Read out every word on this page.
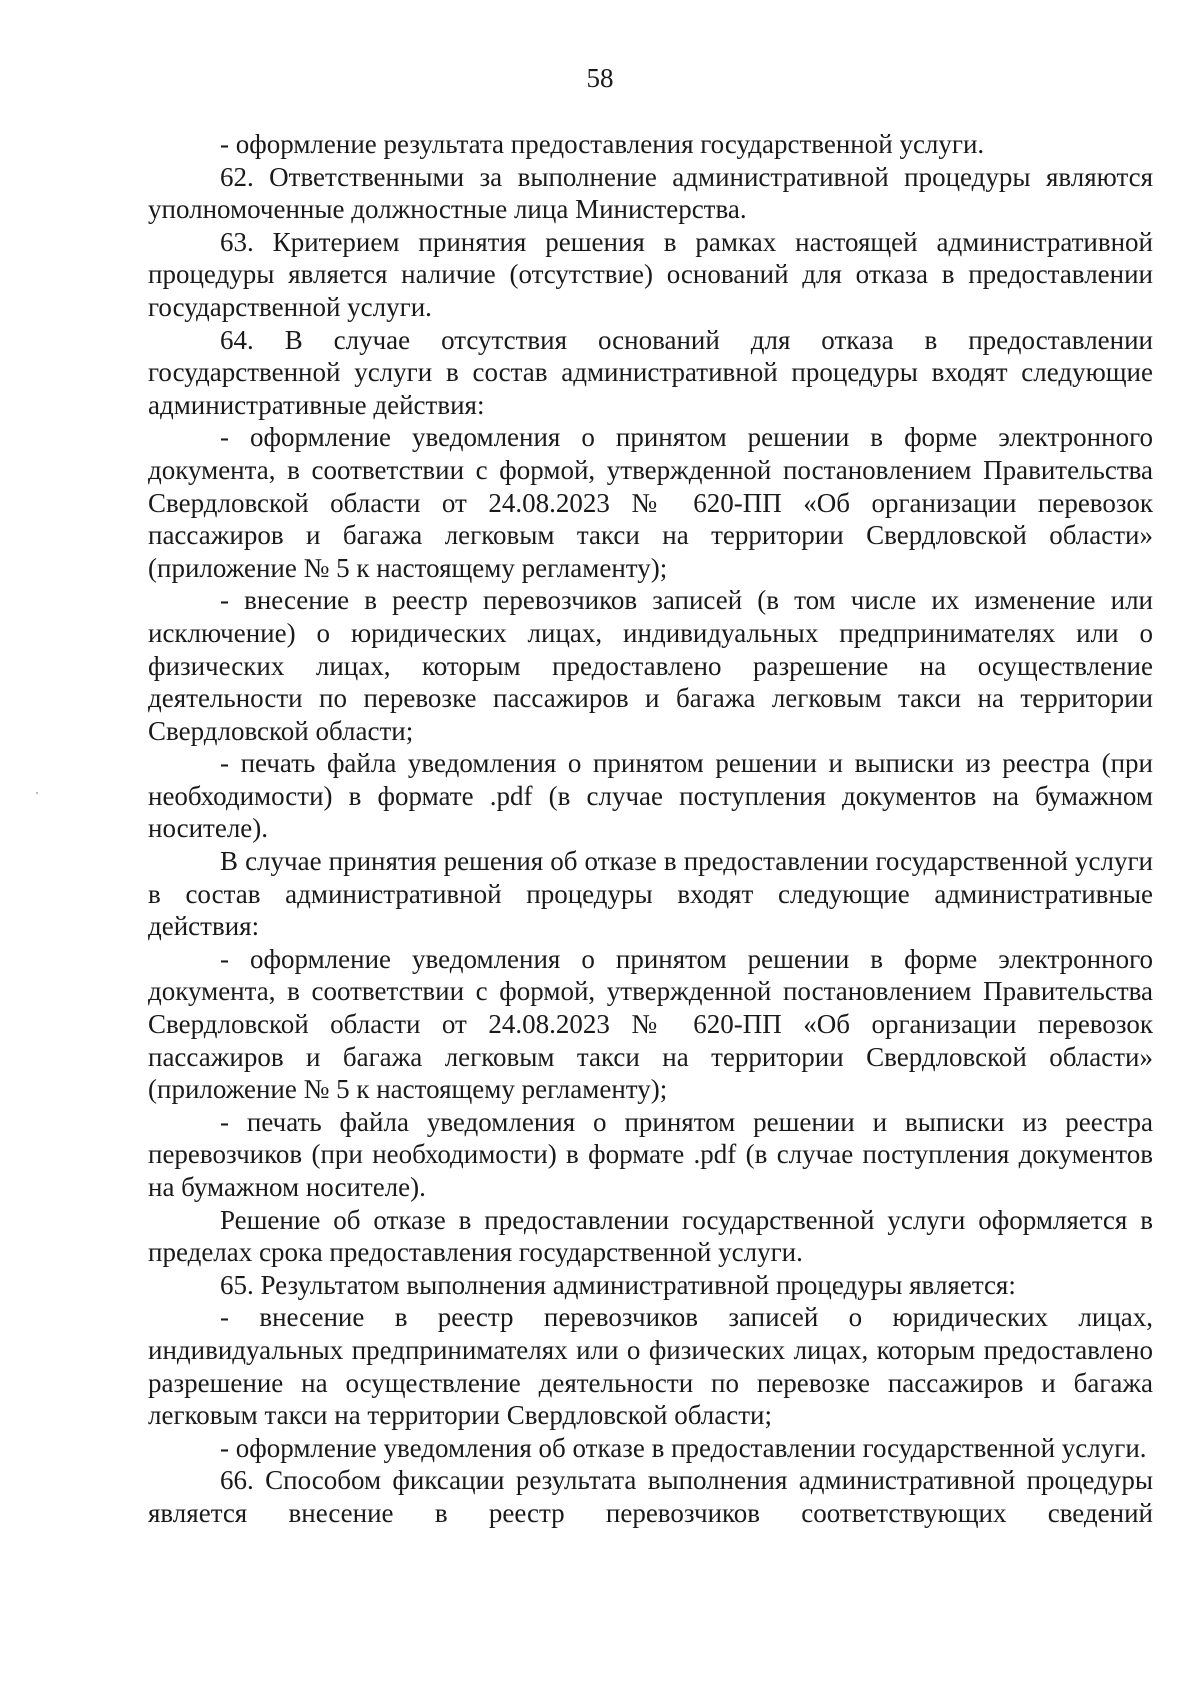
58

- оформление результата предоставления государственной услуги.

62. Ответственными за выполнение административной процедуры являются уполномоченные должностные лица Министерства.

63. Критерием принятия решения в рамках настоящей административной процедуры является наличие (отсутствие) оснований для отказа в предоставлении государственной услуги.

64. В случае отсутствия оснований для отказа в предоставлении государственной услуги в состав административной процедуры входят следующие административные действия:

- оформление уведомления о принятом решении в форме электронного документа, в соответствии с формой, утвержденной постановлением Правительства Свердловской области от 24.08.2023 № 620-ПП «Об организации перевозок пассажиров и багажа легковым такси на территории Свердловской области» (приложение № 5 к настоящему регламенту);

- внесение в реестр перевозчиков записей (в том числе их изменение или исключение) о юридических лицах, индивидуальных предпринимателях или о физических лицах, которым предоставлено разрешение на осуществление деятельности по перевозке пассажиров и багажа легковым такси на территории Свердловской области;

- печать файла уведомления о принятом решении и выписки из реестра (при необходимости) в формате .pdf (в случае поступления документов на бумажном носителе).

В случае принятия решения об отказе в предоставлении государственной услуги в состав административной процедуры входят следующие административные действия:

- оформление уведомления о принятом решении в форме электронного документа, в соответствии с формой, утвержденной постановлением Правительства Свердловской области от 24.08.2023 № 620-ПП «Об организации перевозок пассажиров и багажа легковым такси на территории Свердловской области» (приложение № 5 к настоящему регламенту);

- печать файла уведомления о принятом решении и выписки из реестра перевозчиков (при необходимости) в формате .pdf (в случае поступления документов на бумажном носителе).

Решение об отказе в предоставлении государственной услуги оформляется в пределах срока предоставления государственной услуги.

65. Результатом выполнения административной процедуры является:

- внесение в реестр перевозчиков записей о юридических лицах, индивидуальных предпринимателях или о физических лицах, которым предоставлено разрешение на осуществление деятельности по перевозке пассажиров и багажа легковым такси на территории Свердловской области;

- оформление уведомления об отказе в предоставлении государственной услуги.

66. Способом фиксации результата выполнения административной процедуры является внесение в реестр перевозчиков соответствующих сведений
